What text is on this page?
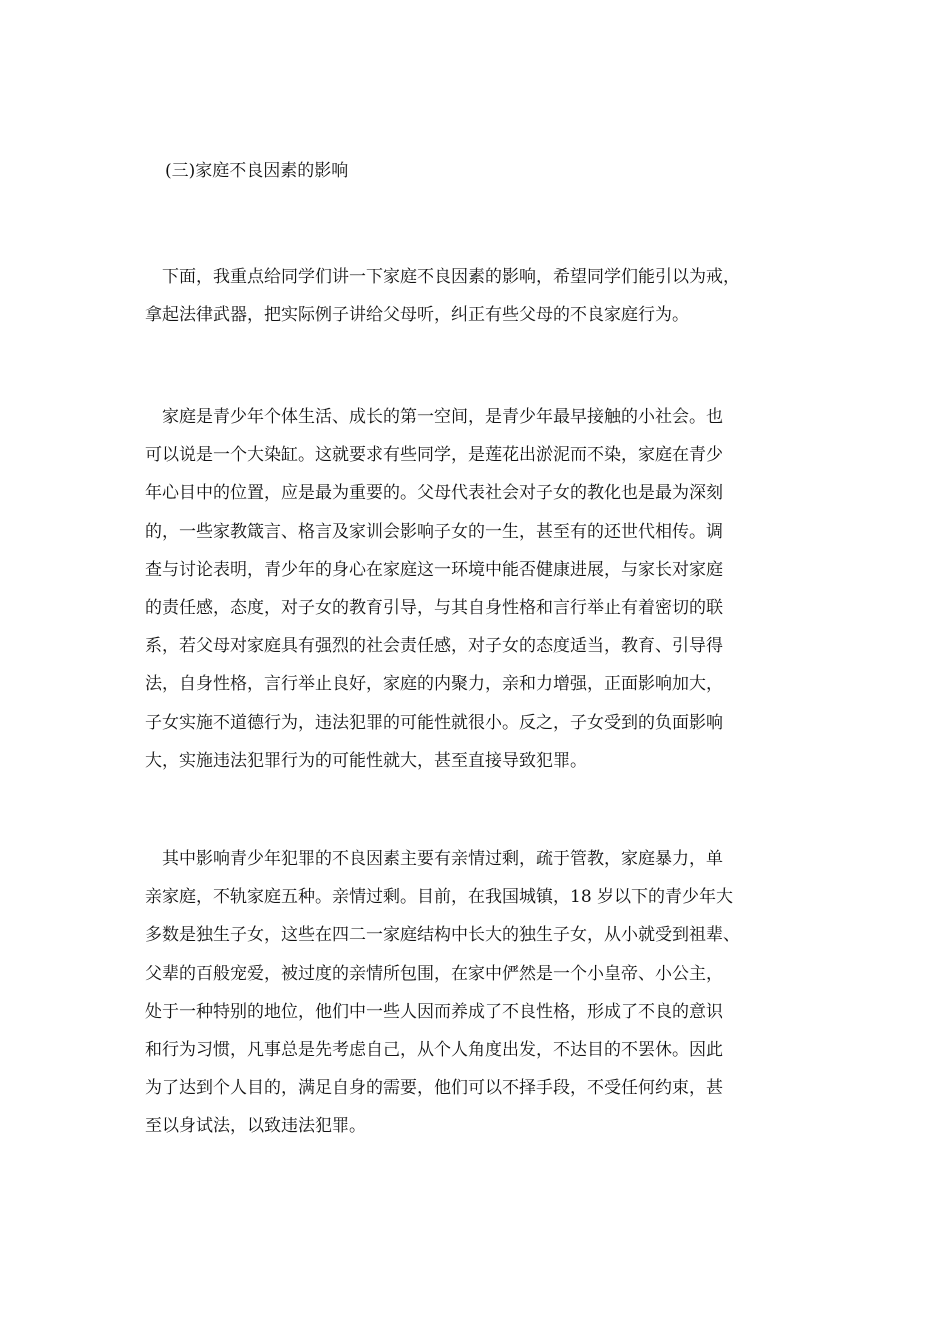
(三)家庭不良因素的影响
　下面，我重点给同学们讲一下家庭不良因素的影响，希望同学们能引以为戒，
拿起法律武器，把实际例子讲给父母听，纠正有些父母的不良家庭行为。
　家庭是青少年个体生活、成长的第一空间，是青少年最早接触的小社会。也
可以说是一个大染缸。这就要求有些同学，是莲花出淤泥而不染，家庭在青少
年心目中的位置，应是最为重要的。父母代表社会对子女的教化也是最为深刻
的，一些家教箴言、格言及家训会影响子女的一生，甚至有的还世代相传。调
查与讨论表明，青少年的身心在家庭这一环境中能否健康进展，与家长对家庭
的责任感，态度，对子女的教育引导，与其自身性格和言行举止有着密切的联
系，若父母对家庭具有强烈的社会责任感，对子女的态度适当，教育、引导得
法，自身性格，言行举止良好，家庭的内聚力，亲和力增强，正面影响加大，
子女实施不道德行为，违法犯罪的可能性就很小。反之，子女受到的负面影响
大，实施违法犯罪行为的可能性就大，甚至直接导致犯罪。
　其中影响青少年犯罪的不良因素主要有亲情过剩，疏于管教，家庭暴力，单
亲家庭，不轨家庭五种。亲情过剩。目前，在我国城镇，18 岁以下的青少年大
多数是独生子女，这些在四二一家庭结构中长大的独生子女，从小就受到祖辈、
父辈的百般宠爱，被过度的亲情所包围，在家中俨然是一个小皇帝、小公主，
处于一种特别的地位，他们中一些人因而养成了不良性格，形成了不良的意识
和行为习惯，凡事总是先考虑自己，从个人角度出发，不达目的不罢休。因此
为了达到个人目的，满足自身的需要，他们可以不择手段，不受任何约束，甚
至以身试法，以致违法犯罪。
